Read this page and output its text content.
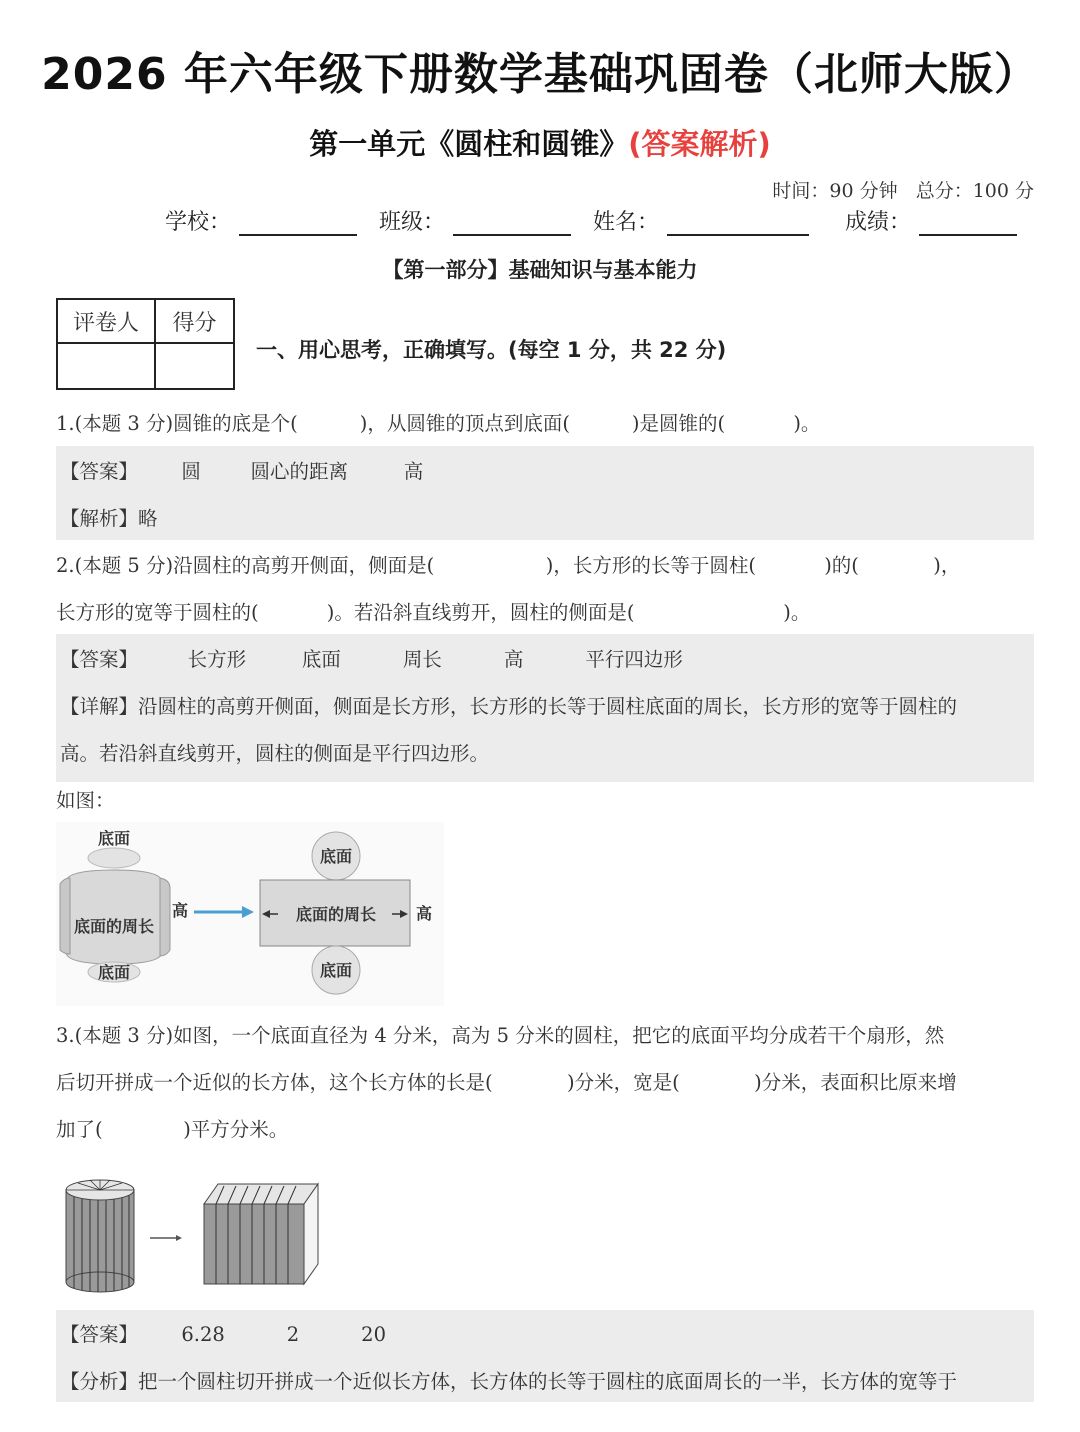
2026 年六年级下册数学基础巩固卷（北师大版）
第一单元《圆柱和圆锥》(答案解析)
时间：90 分钟   总分：100 分
学校：	班级：	姓名：	成绩：
【第一部分】基础知识与基本能力
评卷人	得分

一、用心思考，正确填写。(每空 1 分，共 22 分)
1.(本题 3 分)圆锥的底是个(          )，从圆锥的顶点到底面(          )是圆锥的(           )。
【答案】       圆        圆心的距离         高
【解析】略
2.(本题 5 分)沿圆柱的高剪开侧面，侧面是(                  )，长方形的长等于圆柱(           )的(            )，
长方形的宽等于圆柱的(           )。若沿斜直线剪开，圆柱的侧面是(                        )。
【答案】        长方形         底面          周长          高          平行四边形
【详解】沿圆柱的高剪开侧面，侧面是长方形，长方形的长等于圆柱底面的周长，长方形的宽等于圆柱的
高。若沿斜直线剪开，圆柱的侧面是平行四边形。
如图：
底面
底面的周长
底面
高
底面
底面
底面的周长 高
3.(本题 3 分)如图，一个底面直径为 4 分米，高为 5 分米的圆柱，把它的底面平均分成若干个扇形，然
后切开拼成一个近似的长方体，这个长方体的长是(            )分米，宽是(            )分米，表面积比原来增
加了(             )平方分米。
【答案】       6.28          2          20
【分析】把一个圆柱切开拼成一个近似长方体，长方体的长等于圆柱的底面周长的一半，长方体的宽等于
